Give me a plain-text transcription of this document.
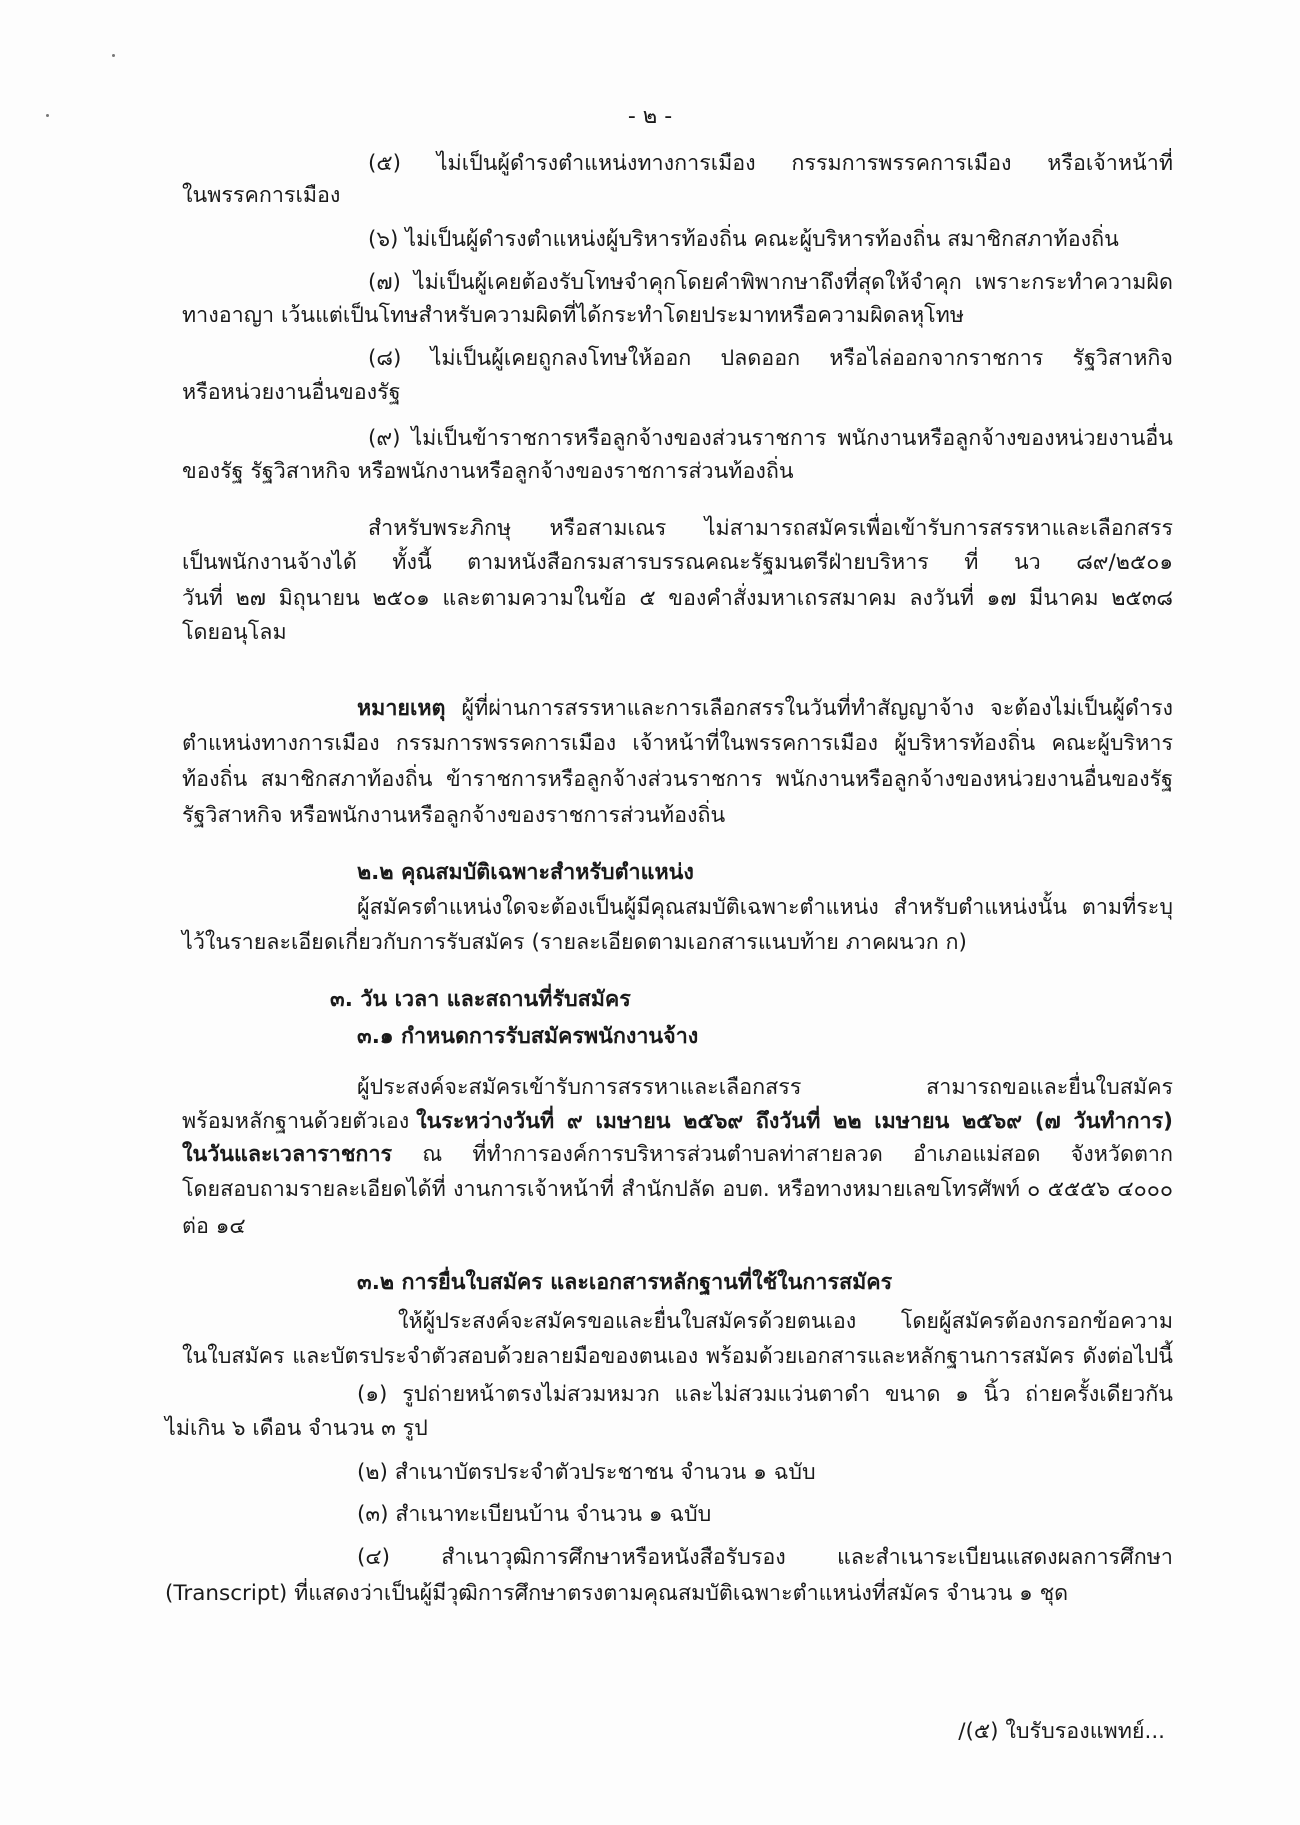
- ๒ -
(๕) ไม่เป็นผู้ดำรงตำแหน่งทางการเมือง กรรมการพรรคการเมือง หรือเจ้าหน้าที่
ในพรรคการเมือง
(๖) ไม่เป็นผู้ดำรงตำแหน่งผู้บริหารท้องถิ่น คณะผู้บริหารท้องถิ่น สมาชิกสภาท้องถิ่น
(๗) ไม่เป็นผู้เคยต้องรับโทษจำคุกโดยคำพิพากษาถึงที่สุดให้จำคุก เพราะกระทำความผิด
ทางอาญา เว้นแต่เป็นโทษสำหรับความผิดที่ได้กระทำโดยประมาทหรือความผิดลหุโทษ
(๘) ไม่เป็นผู้เคยถูกลงโทษให้ออก ปลดออก หรือไล่ออกจากราชการ รัฐวิสาหกิจ
หรือหน่วยงานอื่นของรัฐ
(๙) ไม่เป็นข้าราชการหรือลูกจ้างของส่วนราชการ พนักงานหรือลูกจ้างของหน่วยงานอื่น
ของรัฐ รัฐวิสาหกิจ หรือพนักงานหรือลูกจ้างของราชการส่วนท้องถิ่น
สำหรับพระภิกษุ หรือสามเณร ไม่สามารถสมัครเพื่อเข้ารับการสรรหาและเลือกสรร
เป็นพนักงานจ้างได้ ทั้งนี้ ตามหนังสือกรมสารบรรณคณะรัฐมนตรีฝ่ายบริหาร ที่ นว ๘๙/๒๕๐๑
วันที่ ๒๗ มิถุนายน ๒๕๐๑ และตามความในข้อ ๕ ของคำสั่งมหาเถรสมาคม ลงวันที่ ๑๗ มีนาคม ๒๕๓๘
โดยอนุโลม
หมายเหตุ ผู้ที่ผ่านการสรรหาและการเลือกสรรในวันที่ทำสัญญาจ้าง จะต้องไม่เป็นผู้ดำรง
ตำแหน่งทางการเมือง กรรมการพรรคการเมือง เจ้าหน้าที่ในพรรคการเมือง ผู้บริหารท้องถิ่น คณะผู้บริหาร
ท้องถิ่น สมาชิกสภาท้องถิ่น ข้าราชการหรือลูกจ้างส่วนราชการ พนักงานหรือลูกจ้างของหน่วยงานอื่นของรัฐ
รัฐวิสาหกิจ หรือพนักงานหรือลูกจ้างของราชการส่วนท้องถิ่น
๒.๒ คุณสมบัติเฉพาะสำหรับตำแหน่ง
ผู้สมัครตำแหน่งใดจะต้องเป็นผู้มีคุณสมบัติเฉพาะตำแหน่ง สำหรับตำแหน่งนั้น ตามที่ระบุ
ไว้ในรายละเอียดเกี่ยวกับการรับสมัคร (รายละเอียดตามเอกสารแนบท้าย ภาคผนวก ก)
๓. วัน เวลา และสถานที่รับสมัคร
๓.๑ กำหนดการรับสมัครพนักงานจ้าง
ผู้ประสงค์จะสมัครเข้ารับการสรรหาและเลือกสรร สามารถขอและยื่นใบสมัคร
พร้อมหลักฐานด้วยตัวเอง ในระหว่างวันที่ ๙ เมษายน ๒๕๖๙ ถึงวันที่ ๒๒ เมษายน ๒๕๖๙ (๗ วันทำการ)
ในวันและเวลาราชการ ณ ที่ทำการองค์การบริหารส่วนตำบลท่าสายลวด อำเภอแม่สอด จังหวัดตาก
โดยสอบถามรายละเอียดได้ที่ งานการเจ้าหน้าที่ สำนักปลัด อบต. หรือทางหมายเลขโทรศัพท์ ๐ ๕๕๕๖ ๔๐๐๐
ต่อ ๑๔
๓.๒ การยื่นใบสมัคร และเอกสารหลักฐานที่ใช้ในการสมัคร
ให้ผู้ประสงค์จะสมัครขอและยื่นใบสมัครด้วยตนเอง โดยผู้สมัครต้องกรอกข้อความ
ในใบสมัคร และบัตรประจำตัวสอบด้วยลายมือของตนเอง พร้อมด้วยเอกสารและหลักฐานการสมัคร ดังต่อไปนี้
(๑) รูปถ่ายหน้าตรงไม่สวมหมวก และไม่สวมแว่นตาดำ ขนาด ๑ นิ้ว ถ่ายครั้งเดียวกัน
ไม่เกิน ๖ เดือน จำนวน ๓ รูป
(๒) สำเนาบัตรประจำตัวประชาชน จำนวน ๑ ฉบับ
(๓) สำเนาทะเบียนบ้าน จำนวน ๑ ฉบับ
(๔) สำเนาวุฒิการศึกษาหรือหนังสือรับรอง และสำเนาระเบียนแสดงผลการศึกษา
(Transcript) ที่แสดงว่าเป็นผู้มีวุฒิการศึกษาตรงตามคุณสมบัติเฉพาะตำแหน่งที่สมัคร จำนวน ๑ ชุด
/(๕) ใบรับรองแพทย์...
